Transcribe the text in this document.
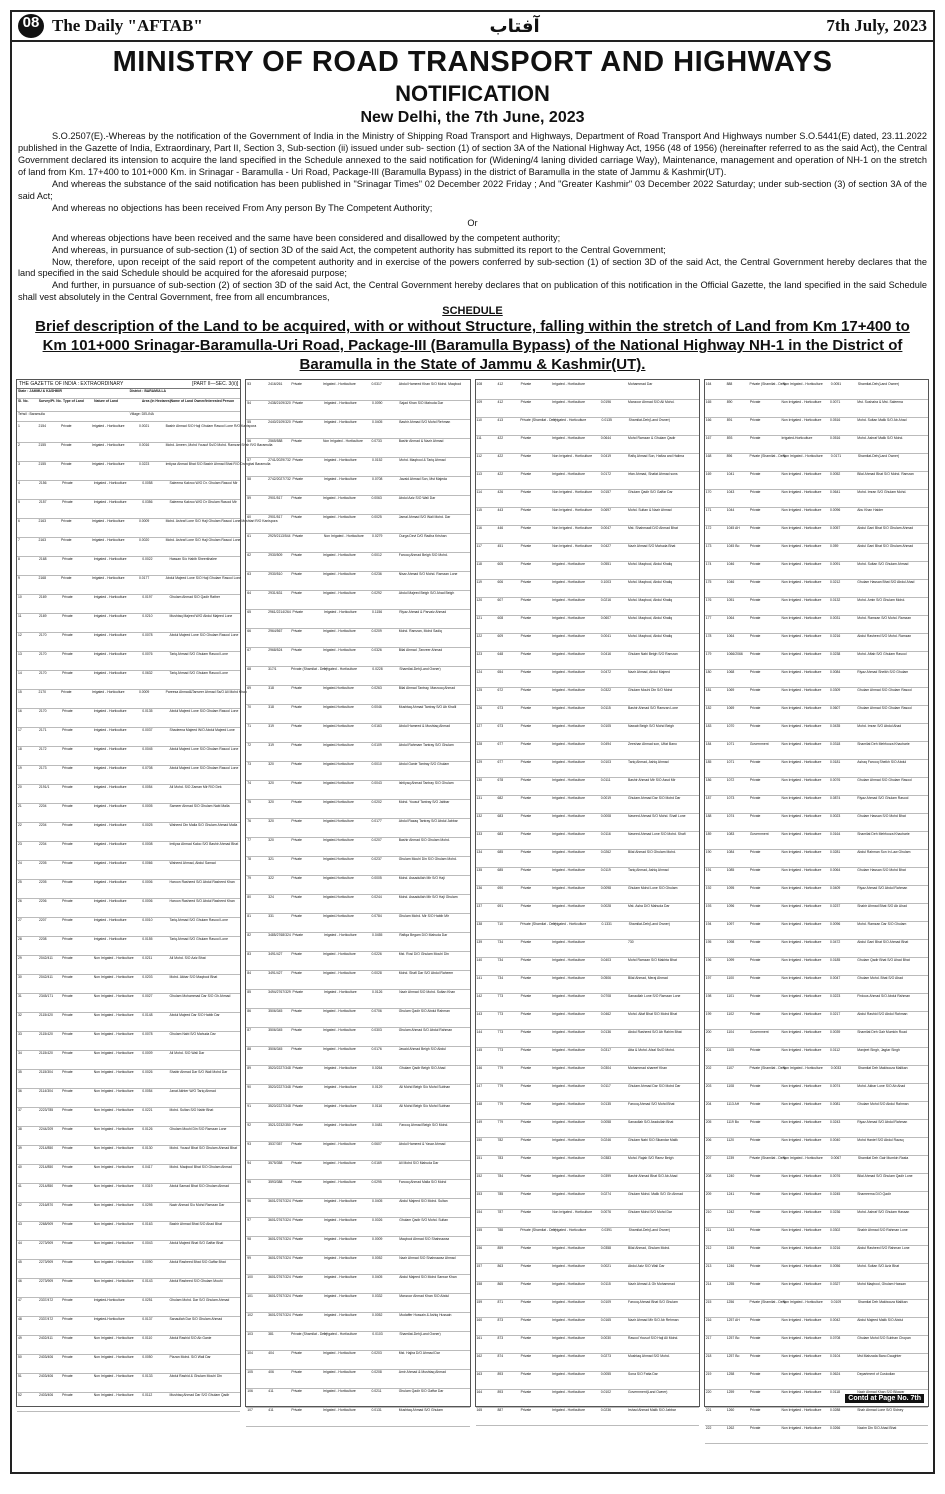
08 The Daily "AFTAB"	آفتاب	7th July, 2023
MINISTRY OF ROAD TRANSPORT AND HIGHWAYS
NOTIFICATION
New Delhi, the 7th June, 2023

S.O.2507(E).-Whereas by the notification of the Government of India in the Ministry of Shipping Road Transport and Highways, Department of Road Transport And Highways number S.O.5441(E) dated, 23.11.2022 published in the Gazette of India, Extraordinary, Part II, Section 3, Sub-section (ii) issued under sub- section (1) of section 3A of the National Highway Act, 1956 (48 of 1956) (hereinafter referred to as the said Act), the Central Government declared its intension to acquire the land specified in the Schedule annexed to the said notification for (Widening/4 laning divided carriage Way), Maintenance, management and operation of NH-1 on the stretch of land from Km. 17+400 to 101+000 Km. in Srinagar - Baramulla - Uri Road, Package-III (Baramulla Bypass) in the district of Baramulla in the state of Jammu & Kashmir(UT).

And whereas the substance of the said notification has been published in "Srinagar Times" 02 December 2022 Friday ; And "Greater Kashmir" 03 December 2022 Saturday; under sub-section (3) of section 3A of the said Act;

And whereas no objections has been received From Any person By The Competent Authority;

Or

And whereas objections have been received and the same have been considered and disallowed by the competent authority;

And whereas, in pursuance of sub-section (1) of section 3D of the said Act, the competent authority has submitted its report to the Central Government;

Now, therefore, upon receipt of the said report of the competent authority and in exercise of the powers conferred by sub-section (1) of section 3D of the said Act, the Central Government hereby declares that the land specified in the said Schedule should be acquired for the aforesaid purpose;

And further, in pursuance of sub-section (2) of section 3D of the said Act, the Central Government hereby declares that on publication of this notification in the Official Gazette, the land specified in the said Schedule shall vest absolutely in the Central Government, free from all encumbrances,

SCHEDULE
Brief description of the Land to be acquired, with or without Structure, falling within the stretch of Land from Km 17+400 to Km 101+000 Srinagar-Baramulla-Uri Road, Package-III (Baramulla Bypass) of the National Highway NH-1 in the District of Baramulla in the State of Jammu & Kashmir(UT).
THE GAZETTE OF INDIA : EXTRAORDINARY	[PART II—SEC. 3(ii)]
State : JAMMU & KASHMIR	District : BARAMULLA
Sl. No.	Survey/Pt. No. Type of Land	Nature of Land	Area (in Hectares) Name of Land Owner/Interested Person
Tehsil : Baramulla	Village: DELINA
1	2154	Private	Irrigated - Horticulture	0.0021	Bashir Ahmad S/O Haji Ghulam Rasool Lone R/O Kanispora
2	2155	Private	Irrigated - Horticulture	0.0016	Mohd. Ameen ,Mohd Yousuf Ss/O Mohd. Ramzan Shah R/O Baramulla
3	2155	Private	Irrigated - Horticulture	0.0223	Imtiyaz Ahmad Bhat S/O Bashir Ahmad Bhat R/O Drangbal Baramulla
4	2156	Private	Irrigated - Horticulture	0.0058	Saleema Kakroo W/O Dr. Ghulam Rasool Mir
5	2157	Private	Irrigated - Horticulture	0.0356	Saleema Kakroo W/O Dr Ghulam Rasool Mir
6	2163	Private	Irrigated - Horticulture	0.0009	Mohd. Ashraf Lone S/O Haji Ghulam Rasool Lone Mushtari R/O Kanispora
7	2163	Private	Irrigated - Horticulture	0.0020	Mohd. Ashraf Lone S/O Haji Ghulam Rasool Lone
8	2168	Private	Irrigated - Horticulture	0.0022	Hassan S/o Habib Sheerkhalee
9	2168	Private	Irrigated - Horticulture	0.0177	Abdul Majeed Lone S/O Haji Ghulam Rasool Lone
10	2169	Private	Irrigated - Horticulture	0.0197	Ghulam Ahmad S/O Qadir Rather
11	2169	Private	Irrigated - Horticulture	0.0210	Mushtaq Majeed W/O Abdul Majeed Lone
12	2170	Private	Irrigated - Horticulture	0.0078	Abdul Majeed Lone S/O Ghulam Rasool Lone
13	2170	Private	Irrigated - Horticulture	0.0076	Tariq Ahmad S/O Ghulam Rasool Lone
14	2170	Private	Irrigated - Horticulture	0.0632	Tariq Ahmad S/O Ghulam Rasool Lone
15	2170	Private	Irrigated - Horticulture	0.0009	Pareesa Ahmad&Tanveer Ahmad Ss/O Ali Mohd Khan
16	2170	Private	Irrigated - Horticulture	0.0135	Abdul Majeed Lone S/O Ghulam Rasool Lone
17	2171	Private	Irrigated - Horticulture	0.0037	Shadeena Majeed W/O Abdul Majeed Lone
18	2172	Private	Irrigated - Horticulture	0.0045	Abdul Majeed Lone S/O Ghulam Rasool Lone
19	2173	Private	Irrigated - Horticulture	0.0708	Abdul Majeed Lone S/O Ghulam Rasool Lone
20	2191/1	Private	Irrigated - Horticulture	0.0054	Ali Mohd. S/O Zaman Mir R/O Dek
21	2204	Private	Irrigated - Horticulture	0.0005	Sameer Ahmad S/O Ghulam Nabi Malla
22	2204	Private	Irrigated - Horticulture	0.0025	Waheed Din Malla S/O Ghulam Ahmad Malla
23	2204	Private	Irrigated - Horticulture	0.0008	Imtiyaz Ahmad Kaloo S/O Bashir Ahmad Bhat
24	2205	Private	Irrigated - Horticulture	0.0066	Waheed Ahmad, Abdul Samad
25	2205	Private	Irrigated - Horticulture	0.0006	Haroon Rasheed S/O Abdul Rasheed Khan
26	2206	Private	Irrigated - Horticulture	0.0006	Haroon Rasheed S/O Abdul Rasheed Khan
27	2207	Private	Irrigated - Horticulture	0.0010	Tariq Ahmad S/O Ghulam Rasool Lone
28	2208	Private	Irrigated - Horticulture	0.0155	Tariq Ahmad S/O Ghulam Rasool Lone
29	2042/411	Private	Non Irrigated - Horticulture	0.0211	Ali Mohd. S/O Aziz Bhat
30	2042/411	Private	Non Irrigated - Horticulture	0.0203	Mohd. Akbar S/O Maqbool Bhat
31	2345/171	Private	Non Irrigated - Horticulture	0.0027	Ghulam Mohammad Dar S/O Gh Ahmad
32	2115/420	Private	Non Irrigated - Horticulture	0.0148	Abdul Majeed Dar S/O Habib Dar
33	2115/420	Private	Non Irrigated - Horticulture	0.0078	Ghulam Nabi S/O Mahuda Dar
34	2115/420	Private	Non Irrigated - Horticulture	0.0009	Ali Mohd. S/O Wali Dar
35	2115/304	Private	Non Irrigated - Horticulture	0.0026	Shabir Ahmad Dar S/O Wali Mohd Dar
36	2114/304	Private	Non Irrigated - Horticulture	0.0054	Janat Akhter W/O Tariq Ahmad
37	2223/785	Private	Non Irrigated - Horticulture	0.0221	Mohd. Sultan S/O Nabir Bhat
38	2244/209	Private	Non Irrigated - Horticulture	0.0126	Ghulam Mouhi Din S/O Ramzan Lone
39	2214/850	Private	Non Irrigated - Horticulture	0.0130	Mohd. Yousuf Bhat S/O Ghulam Ahmad Bhat
40	2214/850	Private	Non Irrigated - Horticulture	0.0417	Mohd. Maqbool Bhat S/O Ghulam Ahmad
41	2214/850	Private	Non Irrigated - Horticulture	0.0319	Abdul Samad Bhat S/O Ghulam Ahmad
42	2216/870	Private	Non Irrigated - Horticulture	0.0295	Nazir Ahmad S/o Mohd Ramzan Dar
43	2268/909	Private	Non Irrigated - Horticulture	0.0163	Bashir Ahmad Bhat S/O Ahad Bhat
44	2273/909	Private	Non Irrigated - Horticulture	0.0043	Abdul Majeed Bhat S/O Gaffar Bhat
45	2273/909	Private	Non Irrigated - Horticulture	0.0090	Abdul Rasheed Bhat S/O Gaffar Bhat
46	2273/909	Private	Non Irrigated - Horticulture	0.0143	Abdul Rasheed S/O Ghulam Mouhi
47	2337/472	Private	Irrigated-Horticulture	0.0251	Ghulam Mohd. Dar S/O Ghulam Ahmad
48	2337/472	Private	Irrigated-Horticulture	0.0137	Sanaullah Dar S/O Ghulam Ahmad
49	2402/411	Private	Non Irrigated - Horticulture	0.0110	Abdul Rashid S/O Ab Ganie
50	2403/406	Private	Non Irrigated - Horticulture	0.0050	Pizzan Mohd. S/O Wali Dar
51	2403/406	Private	Non Irrigated - Horticulture	0.0133	Abdul Rashid & Ghulam Mouhi Din
52	2403/406	Private	Non Irrigated - Horticulture	0.0112	Mushtaq Ahmad Dar S/O Ghulam Qadir
53	2416/261	Private	Irrigated - Horticulture	0.0317	Abdul Hameed Khan S/O Mohd. Maqbool
54	2438/2109/320 Private	Irrigated - Horticulture	0.0090	Sajad Khan S/O Mahuda Dar
55	2440/2109/320 Private	Irrigated - Horticulture	0.0405	Bashir Ahmad S/O Mohd Rehman
56	2565/588	Private	Non Irrigated - Horticulture	0.0733	Bashir Ahmad & Nazir Ahmad
57	2741/2029/732 Private	Irrigated - Horticulture	0.0152	Mohd. Maqbool & Tariq Ahmad
58	2742/2027/732 Private	Irrigated - Horticulture	0.0708	Javaid Ahmad Son, Mst Majeda
59	2901/517	Private	Irrigated - Horticulture	0.0063	Abdul Aziz S/O Wali Dar
60	2901/517	Private	Irrigated - Horticulture	0.0025	Jamal Ahmad S/O Wali Mohd. Dar
61	2929/2113/544 Private	Non Irrigated - Horticulture	0.0279	Durga Devi D/O Radha Krishan
62	2930/509	Private	Irrigated - Horticulture	0.0012	Farooq Ahmad Beigh S/O Mohd.
63	2930/510	Private	Irrigated - Horticulture	0.0236	Nisar Ahmad S/O Mohd. Ramzan Lone
64	2931/631	Private	Irrigated - Horticulture	0.0292	Abdul Majeed Beigh S/O Ahad Beigh
65	2961/2214/264 Private	Irrigated - Horticulture	0.1156	Riyaz Ahmad & Parvaiz Ahmad
66	2964/567	Private	Irrigated - Horticulture	0.0209	Mohd. Ramzan, Mohd Sadiq
67	2968/524	Private	Irrigated - Horticulture	0.0326	Bilal Ahmad ,Tanveer Ahmad
68	317/1	Private (Shamilat - Deh)
Irrigated - Horticulture	0.0228	Shamilat-Deh(Land Owner)
69	318	Private	Irrigated-Horticulture	0.0263	Bilal Ahmad Tantray, Masrooq Ahmad
70	318	Private	Irrigated-Horticulture	0.0046	Mushtaq Ahmad Tantray S/O Ab Khalil
71	319	Private	Irrigated-Horticulture	0.0163	Abdul Hameed & Mushtaq Ahmad
72	319	Private	Irrigated-Horticulture	0.0109	Abdul Rahmam Tantray S/O Ghulam
73	320	Private	Irrigated-Horticulture	0.0010	Abdul Ganie Tantray S/O Ghulam
74	320	Private	Irrigated-Horticulture	0.0043	Ishtiyaq Ahmad Tantray S/O Ghulam
75	320	Private	Irrigated-Horticulture	0.0202	Mohd. Yousuf Tantray S/O Jabbar
76	320	Private	Irrigated-Horticulture	0.0177	Abdul Razaq Tantray S/O Abdul Jabbar
77	320	Private	Irrigated-Horticulture	0.0207	Bashir Ahmad S/O Ghulam Mohd.
78	321	Private	Irrigated-Horticulture	0.0237	Ghulam Mouhi Din S/O Ghulam Mohd.
79	322	Private	Irrigated-Horticulture	0.0005	Mohd. Assadullah Mir S/O Haji
80	324	Private	Irrigated-Horticulture	0.0244	Mohd. Assadullah Mir S/O Haji Ghulam
81	331	Private	Irrigated-Horticulture	0.0784	Ghulam Mohd. Mir S/O Habib Mir
82	3485/2768/324 Private	Irrigated - Horticulture	0.0455	Rafiqa Begam D/O Mahuda Dar
83	3491/427	Private	Irrigated - Horticulture	0.0226	Mst. Rosi D/O Ghulam Mouhi Din
84	3491/427	Private	Irrigated - Horticulture	0.0028	Mohd. Shafi Dar S/O Abdul Raheem
85	3494/2767/329 Private	Irrigated - Horticulture	0.0126	Nazir Ahmad S/O Mohd. Sultan Khan
86	3506/345	Private	Irrigated - Horticulture	0.0706	Ghulam Qadir S/O Abdul Rahman
87	3506/345	Private	Irrigated - Horticulture	0.0303	Ghulam Ahmad S/O Abdul Rahman
88	3506/345	Private	Irrigated - Horticulture	0.0176	Javaid Ahmad Beigh S/O Abdul
89	3520/2227/348 Private	Irrigated - Horticulture	0.0264	Ghulam Qadir Beigh S/O Ahad
90	3520/2227/348 Private	Irrigated - Horticulture	0.0129	Ali Mohd Beigh S/o Mohd Subhan
91	3520/2227/348 Private	Irrigated - Horticulture	0.0116	Ali Mohd Beigh S/o Mohd Subhan
92	3521/2232/350 Private	Irrigated - Horticulture	0.0481	Farooq Ahmad Beigh S/O Mohd.
93	3537/357	Private	Irrigated - Horticulture	0.0607	Abdul Hameed & Yasar Ahmad
94	3575/358	Private	Irrigated - Horticulture	0.0169	Ali Mohd S/O Mahuda Dar
95	3593/388	Private	Irrigated - Horticulture	0.0295	Farooq Ahmad Malla S/O Mohd
96	3601/2767/324 Private	Irrigated - Horticulture	0.0405	Abdul Majeed S/O Mohd. Sultan
97	3601/2767/324 Private	Irrigated - Horticulture	0.0026	Ghulam Qadir S/O Mohd. Sultan
98	3601/2767/324 Private	Irrigated - Horticulture	0.0009	Maqbool Ahmad S/O Shahnawaz
99	3601/2767/324 Private	Irrigated - Horticulture	0.0052	Nazir Ahmad S/O Shahnawaz Ahmad
100	3601/2767/324 Private	Irrigated - Horticulture	0.0405	Abdul Majeed S/O Mohd Sarwar Khan
101	3601/2767/324 Private	Irrigated - Horticulture	0.0332	Manzoor Ahmad Khan S/O Abdul
102	3601/2767/324 Private	Irrigated - Horticulture	0.0052	Mudaffer Hussain & Ashiq Hussain
103	381	Private (Shamilat - Deh)
Irrigated - Horticulture	0.0103	Shamilat-Deh(Land Owner)
104	404	Private	Irrigated - Horticulture	0.0203	Mst. Hajira D/O Ahmad Dar
105	406	Private	Irrigated - Horticulture	0.0208	Amir Ahmad & Mushtaq Ahmad
106	411	Private	Irrigated - Horticulture	0.0211	Ghulam Qadir S/O Gaffar Dar
107	411	Private	Irrigated - Horticulture	0.0131	Mushtaq Ahmad S/O Ghulam
108	412	Private	Irrigated - Horticulture	Mohammad Dar
109	412	Private	Irrigated - Horticulture	0.0196	Manzoor Ahmad S/O Ali Mohd.
110	413	Private (Shamilat - Deh)
Irrigated - Horticulture	0.0135	Shamilat-Deh(Land Owner)
111	422	Private	Irrigated - Horticulture	0.0644	Mohd Ramzan & Ghulam Qadir
112	422	Private	Non Irrigated - Horticulture	0.0419	Rafiq Ahmad Son, Hafiza and Halima
113	422	Private	Irrigated - Horticulture	0.0172	Irfan Ahmad, Shafat Ahmad sons
114	426	Private	Non Irrigated - Horticulture	0.0157	Ghulam Qadir S/O Gaffar Dar
115	443	Private	Non Irrigated - Horticulture	0.0697	Mohd. Sultan & Nazir Ahmad
116	446	Private	Non Irrigated - Horticulture	0.0047	Mst. Shahmaali D/O Ahmad Bhat
117	451	Private	Non Irrigated - Horticulture	0.0427	Nazir Ahmad S/O Mahuda Bhat
118	605	Private	Irrigated - Horticulture	0.0551	Mohd. Maqbool, Abdul Khaliq
119	606	Private	Irrigated - Horticulture	0.1003	Mohd. Maqbool, Abdul Khaliq
120	607	Private	Irrigated - Horticulture	0.0216	Mohd. Maqbool, Abdul Khaliq
121	608	Private	Irrigated - Horticulture	0.0607	Mohd. Maqbool, Abdul Khaliq
122	609	Private	Irrigated - Horticulture	0.0041	Mohd. Maqbool, Abdul Khaliq
123	648	Private	Irrigated - Horticulture	0.0416	Ghulam Nabi Beigh S/O Ramzan
124	654	Private	Irrigated - Horticulture	0.0472	Nazir Ahmad, Abdul Majeed
125	672	Private	Irrigated - Horticulture	0.0322	Ghulam Mouhi Din S/O Mohd
126	673	Private	Irrigated - Horticulture	0.0115	Bashir Ahmad S/O Ramzan Lone
127	673	Private	Irrigated - Horticulture	0.0105	Nawab Beigh S/O Mohd Beigh
128	677	Private	Irrigated - Horticulture	0.0494	Zeeshan Ahmad son, Ulfat Bano
129	677	Private	Irrigated - Horticulture	0.0103	Tariq Ahmad, Ashiq Ahmad
130	678	Private	Irrigated - Horticulture	0.0111	Bashir Ahmad Mir S/O Assd Mir
131	682	Private	Irrigated - Horticulture	0.0019	Ghulam Ahmad Dar S/O Mohd Dar
132	683	Private	Irrigated - Horticulture	0.0008	Naveed Ahmad S/O Mohd. Shafi Lone
133	683	Private	Irrigated - Horticulture	0.0116	Naveed Ahmad Lone S/O Mohd. Shafi
134	685	Private	Irrigated - Horticulture	0.0262	Bilal Ahmad S/O Ghulam Mohd.
135	685	Private	Irrigated - Horticulture	0.0119	Tariq Ahmad, Ashiq Ahmad
136	690	Private	Irrigated - Horticulture	0.0098	Ghulam Mohd Lone S/O Ghulam
137	691	Private	Irrigated - Horticulture	0.0028	Mst. Asha D/O Mahuda Dar
138	710	Private (Shamilat - Deh)
Irrigated - Horticulture	0.1331	Shamilat-Deh(Land Owner)
139	734	Private	Irrigated - Horticulture	730
140	734	Private	Irrigated - Horticulture	0.0403	Mohd Ramzan S/O Makhta Bhat
141	734	Private	Irrigated - Horticulture	0.0506	Bilal Ahmad, Meraj Ahmad
142	773	Private	Irrigated - Horticulture	0.0708	Sanaullah Lone S/O Ramzan Lone
143	773	Private	Irrigated - Horticulture	0.0462	Mohd. Altaf Bhat S/O Mohd Bhat
144	773	Private	Irrigated - Horticulture	0.0136	Abdul Rasheed S/O Ab Rahim Bhat
145	773	Private	Irrigated - Horticulture	0.0317	Atta & Mohd. Afzal Ss/O Mohd.
146	779	Private	Irrigated - Horticulture	0.0304	Mohammad shareef Khan
147	779	Private	Irrigated - Horticulture	0.0117	Ghulam Ahmad Dar S/O Mohd Dar
148	779	Private	Irrigated - Horticulture	0.0135	Farooq Ahmad S/O Mohd Bhat
149	779	Private	Irrigated - Horticulture	0.0058	Sanaullah S/O Assdullah Bhat
150	782	Private	Irrigated - Horticulture	0.0246	Ghulam Nabi S/O Sikandar Malik
151	783	Private	Irrigated - Horticulture	0.0383	Mohd. Rajab S/O Ramz Beigh
152	784	Private	Irrigated - Horticulture	0.0399	Bashir Ahmad Bhat S/O Ab Ahad
153	785	Private	Irrigated - Horticulture	0.0274	Ghulam Mohd. Malik S/O Gh Ahmad
154	787	Private	Non Irrigated - Horticulture	0.0076	Ghulam Mohd S/O Mohd Dar
155	788	Private (Shamilat - Deh)
Irrigated - Horticulture	0.0391	Shamilat-Deh(Land Owner)
156	859	Private	Irrigated - Horticulture	0.0358	Bilal Ahmad, Ghulam Mohd.
157	863	Private	Irrigated - Horticulture	0.0021	Abdul Aziz S/O Wali Dar
158	865	Private	Irrigated - Horticulture	0.0115	Nazir Ahmad & Gh Mohammad
159	871	Private	Irrigated - Horticulture	0.0109	Farooq Ahmad Bhat S/O Ghulam
160	873	Private	Irrigated - Horticulture	0.0165	Nazir Ahmad Mir S/O Ab Rehman
161	873	Private	Irrigated - Horticulture	0.0030	Rasool Yousuf S/O Haji Ali Mohd.
162	874	Private	Irrigated - Horticulture	0.0273	Mushtaq Ahmad S/O Mohd.
163	893	Private	Irrigated - Horticulture	0.0055	Sona S/O Fatta Dar
164	893	Private	Irrigated - Horticulture	0.0102	Government(Land Owner)
165	887	Private	Irrigated - Horticulture	0.0236	Irshad Ahmad Malik S/O Jabbar
164	888	Private (Shamilat - Deh)
Non Irrigated - Horticulture	0.0051	Shamilat-Deh(Land Owner)
165	890	Private	Non Irrigated - Horticulture	0.0071	Mst. Sushaira & Mst. Saleema
166	891	Private	Non Irrigated - Horticulture	0.0516	Mohd. Sultan Malik S/O Ab Ahad
167	893	Private	Irrigated-Horticulture	0.0516	Mohd. Ashraf Malik S/O Mohd.
168	896	Private (Shamilat - Deh)
Non Irrigated - Horticulture	0.0171	Shamilat-Deh(Land Owner)
169	1041	Private	Non Irrigated - Horticulture	0.0052	Bilal Ahmad Bhat S/O Mohd. Ramzan
170	1043	Private	Non Irrigated - Horticulture	0.0641	Mohd. Imran S/O Ghulam Mohd.
171	1044	Private	Non Irrigated - Horticulture	0.0096	Abu Khan Haider
172	1045 AH	Private	Non Irrigated - Horticulture	0.0057	Abdul Gani Bhat S/O Ghulam Ahmad
173	1045 Bo	Private	Non Irrigated - Horticulture	0.059	Abdul Gani Bhat S/O Ghulam Ahmad
174	1046	Private	Non Irrigated - Horticulture	0.0091	Mohd. Sultan S/O Ghulam Ahmad
175	1046	Private	Non Irrigated - Horticulture	0.0212	Ghulam Hassan Bhat S/O Abdul Ahad
176	1051	Private	Non Irrigated - Horticulture	0.0132	Mohd. Amin S/O Ghulam Mohd.
177	1064	Private	Non Irrigated - Horticulture	0.0031	Mohd. Ramzan S/O Mohd. Ramzan
178	1064	Private	Non Irrigated - Horticulture	0.0216	Abdul Rasheed S/O Mohd. Ramzan
179	1066/2066	Private	Non Irrigated - Horticulture	0.0238	Mohd. Aftab S/O Ghulam Rasool
180	1068	Private	Non Irrigated - Horticulture	0.0084	Riyaz Ahmad Sheikh S/O Ghulam
181	1069	Private	Non Irrigated - Horticulture	0.0309	Ghulam Ahmad S/O Ghulam Rasool
182	1069	Private	Non Irrigated - Horticulture	0.0607	Ghulam Ahmad S/O Ghulam Rasool
183	1070	Private	Non Irrigated - Horticulture	0.0435	Mohd. Imran S/O Abdul Ahad
184	1071	Government	Non Irrigated - Horticulture	0.0318	Shamilat Deh Mehfooza Khacharie
185	1071	Private	Non Irrigated - Horticulture	0.0181	Ashaq Farooq Sheikh S/O Abdul
186	1072	Private	Non Irrigated - Horticulture	0.0076	Ghulam Ahmad S/O Ghulam Rasool
187	1073	Private	Non Irrigated - Horticulture	0.0874	Riyaz Ahmad S/O Ghulam Rasool
188	1074	Private	Non Irrigated - Horticulture	0.0023	Ghulam Hassan S/O Mohd Bhat
189	1083	Government	Non Irrigated - Horticulture	0.0164	Shamilat Deh Mehfooza Khacharie
190	1084	Private	Non Irrigated - Horticulture	0.0281	Abdul Rahman Son In Law Ghulam
191	1085	Private	Non Irrigated - Horticulture	0.0064	Ghulam Hassan S/O Mohd Bhat
192	1095	Private	Non Irrigated - Horticulture	0.0409	Riyaz Ahmad S/O Abdul Rahman
193	1096	Private	Non Irrigated - Horticulture	0.0237	Shabir Ahmad Bhat S/O Ab Ahad
194	1097	Private	Non Irrigated - Horticulture	0.0096	Mohd. Ramzan Dar S/O Ghulam
195	1098	Private	Non Irrigated - Horticulture	0.0472	Abdul Gani Bhat S/O Ahmad Bhat
196	1099	Private	Non Irrigated - Horticulture	0.0185	Ghulam Qadir Bhat S/O Ahad Bhat
197	1100	Private	Non Irrigated - Horticulture	0.0047	Ghulam Mohd. Bhat S/O Ahad
198	1101	Private	Non Irrigated - Horticulture	0.0223	Firdous Ahmad S/O Abdul Rahman
199	1102	Private	Non Irrigated - Horticulture	0.0217	Abdul Rashid S/O Abdul Rahman
200	1104	Government	Non Irrigated - Horticulture	0.0039	Shamilat Deh Gair Mumkin Road
201	1105	Private	Non Irrigated - Horticulture	0.0112	Manjeet Singh, Jagtar Singh
202	1107	Private (Shamilat - Deh)
Non Irrigated - Horticulture	0.0033	Shamilat Deh Makbooza Malikan
203	1108	Private	Non Irrigated - Horticulture	0.0074	Mohd. Akbar Lone S/O Ab Ahad
204	1113 AH	Private	Non Irrigated - Horticulture	0.0081	Ghulam Mohd S/O Abdul Rahman
205	1119 Bo	Private	Non Irrigated - Horticulture	0.0243	Riyaz Ahmad S/O Abdul Rahman
206	1120	Private	Non Irrigated - Horticulture	0.0040	Mohd Hanief S/O Abdul Razaq
207	1239	Private (Shamilat - Deh)
Non Irrigated - Horticulture	0.0067	Shamilat Deh Gair Mumkin Rasta
208	1240	Private	Non Irrigated - Horticulture	0.0076	Bilal Ahmad S/O Ghulam Qadir Lone
209	1241	Private	Non Irrigated - Horticulture	0.0245	Shameema D/O Qadir
210	1242	Private	Non Irrigated - Horticulture	0.0236	Mohd. Ashraf S/O Ghulam Hassan
211	1243	Private	Non Irrigated - Horticulture	0.0302	Shabir Ahmad S/O Rahman Lone
212	1245	Private	Non Irrigated - Horticulture	0.0216	Abdul Rasheed S/O Rahman Lone
213	1246	Private	Non Irrigated - Horticulture	0.0056	Mohd. Sultan S/O Aziz Bhat
214	1255	Private	Non Irrigated - Horticulture	0.0327	Mohd Maqbool, Ghulam Hassan
215	1256	Private (Shamilat - Deh)
Non Irrigated - Horticulture	0.0109	Shamilat Deh Makbooza Malikan
216	1257 AH	Private	Non Irrigated - Horticulture	0.0042	Abdul Majeed Malik S/O Abdul
217	1257 Bo	Private	Non Irrigated - Horticulture	0.0708	Ghulam Mohd S/O Subhan Chopan
218	1257 Bo	Private	Non Irrigated - Horticulture	0.0104	Mst Mahzada Bano Daughter
219	1258	Private	Non Irrigated - Horticulture	0.0624	Department of Custodian
220	1259	Private	Non Irrigated - Horticulture	0.0118	Nazir Ahmad Khan S/O Bilawar
221	1260	Private	Non Irrigated - Horticulture	0.0288	Shah Ahmad Lone S/O Sidney
222	1262	Private	Non Irrigated - Horticulture	0.0266	Nazim Din S/O Ahad Bhat
Contd at Page No. 7th
